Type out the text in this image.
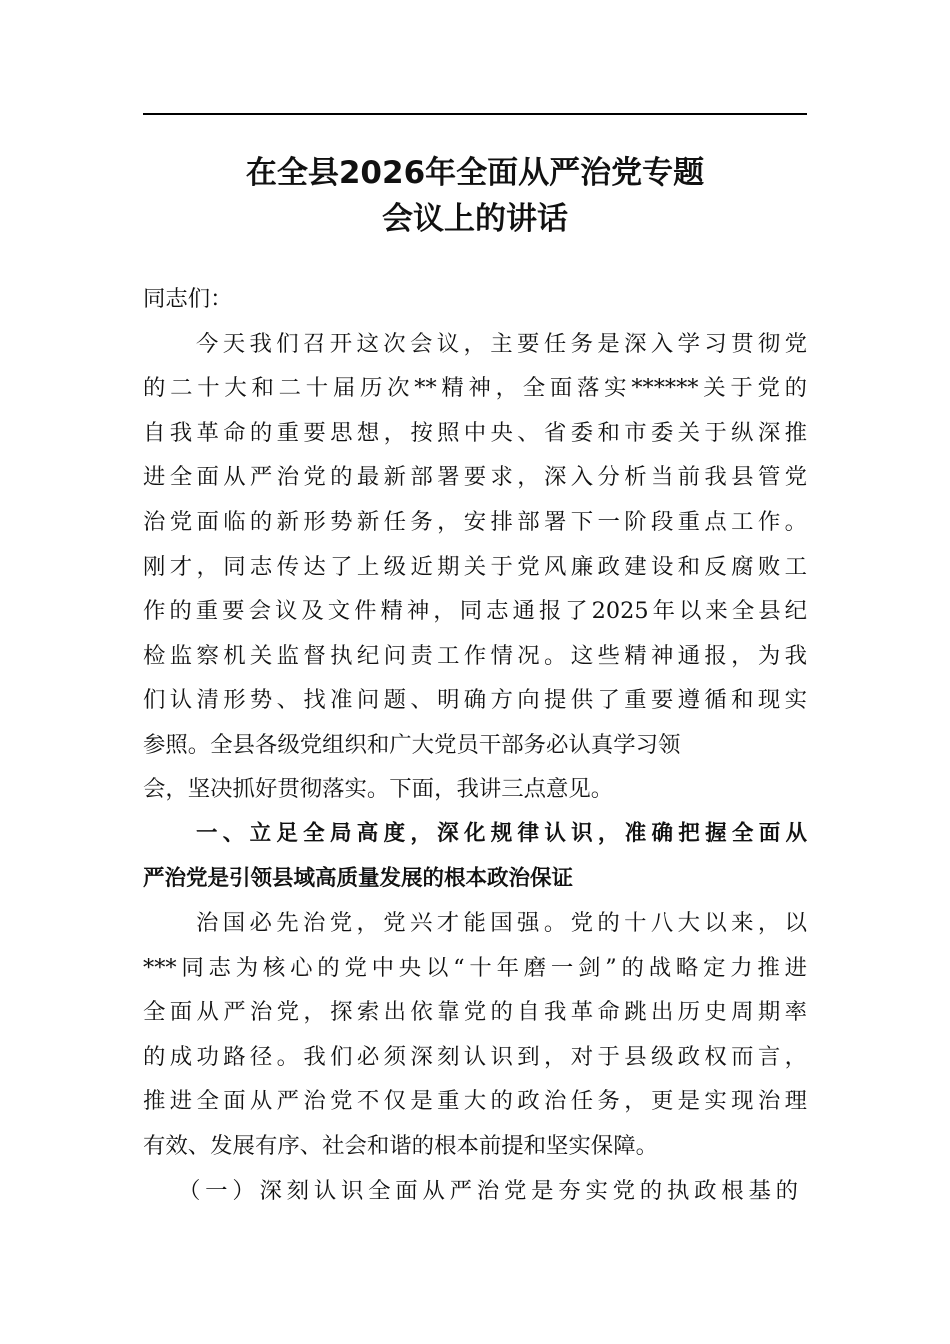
在全县2026年全面从严治党专题
会议上的讲话
同志们：
今天我们召开这次会议，主要任务是深入学习贯彻党
的二十大和二十届历次**精神，全面落实******关于党的
自我革命的重要思想，按照中央、省委和市委关于纵深推
进全面从严治党的最新部署要求，深入分析当前我县管党
治党面临的新形势新任务，安排部署下一阶段重点工作。
刚才，同志传达了上级近期关于党风廉政建设和反腐败工
作的重要会议及文件精神，同志通报了2025年以来全县纪
检监察机关监督执纪问责工作情况。这些精神通报，为我
们认清形势、找准问题、明确方向提供了重要遵循和现实
参照。全县各级党组织和广大党员干部务必认真学习领
会，坚决抓好贯彻落实。下面，我讲三点意见。
一、立足全局高度，深化规律认识，准确把握全面从
严治党是引领县域高质量发展的根本政治保证
治国必先治党，党兴才能国强。党的十八大以来，以
***同志为核心的党中央以“十年磨一剑”的战略定力推进
全面从严治党，探索出依靠党的自我革命跳出历史周期率
的成功路径。我们必须深刻认识到，对于县级政权而言，
推进全面从严治党不仅是重大的政治任务，更是实现治理
有效、发展有序、社会和谐的根本前提和坚实保障。
（一）深刻认识全面从严治党是夯实党的执政根基的
